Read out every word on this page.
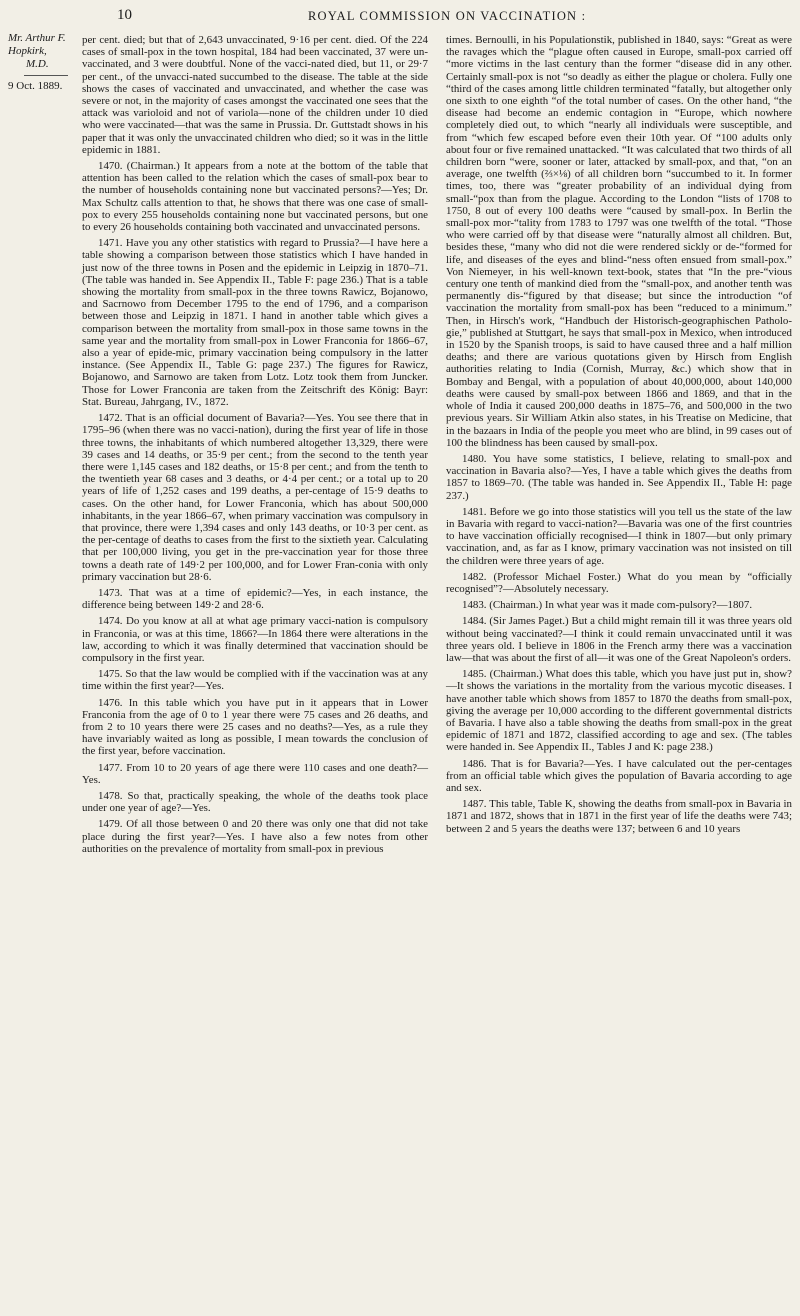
10	ROYAL COMMISSION ON VACCINATION :
Mr. Arthur F. Hopkirk,
M.D.
9 Oct. 1889.

per cent. died; but that of 2,643 unvaccinated, 9·16 per cent. died. Of the 224 cases of small-pox in the town hospital, 184 had been vaccinated, 37 were un-vaccinated, and 3 were doubtful. None of the vacci-nated died, but 11, or 29·7 per cent., of the unvacci-nated succumbed to the disease. The table at the side shows the cases of vaccinated and unvaccinated, and whether the case was severe or not, in the majority of cases amongst the vaccinated one sees that the attack was varioloid and not of variola—none of the children under 10 died who were vaccinated—that was the same in Prussia. Dr. Guttstadt shows in his paper that it was only the unvaccinated children who died; so it was in the little epidemic in 1881.

1470. (Chairman.) It appears from a note at the bottom of the table that attention has been called to the relation which the cases of small-pox bear to the number of households containing none but vaccinated persons?—Yes; Dr. Max Schultz calls attention to that, he shows that there was one case of small-pox to every 255 households containing none but vaccinated persons, but one to every 26 households containing both vaccinated and unvaccinated persons.

1471. Have you any other statistics with regard to Prussia?—I have here a table showing a comparison between those statistics which I have handed in just now of the three towns in Posen and the epidemic in Leipzig in 1870–71. (The table was handed in. See Appendix II., Table F: page 236.) That is a table showing the mortality from small-pox in the three towns Rawicz, Bojanowo, and Sacrnowo from December 1795 to the end of 1796, and a comparison between those and Leipzig in 1871. I hand in another table which gives a comparison between the mortality from small-pox in those same towns in the same year and the mortality from small-pox in Lower Franconia for 1866–67, also a year of epide-mic, primary vaccination being compulsory in the latter instance. (See Appendix II., Table G: page 237.) The figures for Rawicz, Bojanowo, and Sarnowo are taken from Lotz. Lotz took them from Juncker. Those for Lower Franconia are taken from the Zeitschrift des König: Bayr: Stat. Bureau, Jahrgang, IV., 1872.

1472. That is an official document of Bavaria?—Yes. You see there that in 1795–96 (when there was no vacci-nation), during the first year of life in those three towns, the inhabitants of which numbered altogether 13,329, there were 39 cases and 14 deaths, or 35·9 per cent.; from the second to the tenth year there were 1,145 cases and 182 deaths, or 15·8 per cent.; and from the tenth to the twentieth year 68 cases and 3 deaths, or 4·4 per cent.; or a total up to 20 years of life of 1,252 cases and 199 deaths, a per-centage of 15·9 deaths to cases. On the other hand, for Lower Franconia, which has about 500,000 inhabitants, in the year 1866–67, when primary vaccination was compulsory in that province, there were 1,394 cases and only 143 deaths, or 10·3 per cent. as the per-centage of deaths to cases from the first to the sixtieth year. Calculating that per 100,000 living, you get in the pre-vaccination year for those three towns a death rate of 149·2 per 100,000, and for Lower Fran-conia with only primary vaccination but 28·6.

1473. That was at a time of epidemic?—Yes, in each instance, the difference being between 149·2 and 28·6.

1474. Do you know at all at what age primary vacci-nation is compulsory in Franconia, or was at this time, 1866?—In 1864 there were alterations in the law, according to which it was finally determined that vaccination should be compulsory in the first year.

1475. So that the law would be complied with if the vaccination was at any time within the first year?—Yes.

1476. In this table which you have put in it appears that in Lower Franconia from the age of 0 to 1 year there were 75 cases and 26 deaths, and from 2 to 10 years there were 25 cases and no deaths?—Yes, as a rule they have invariably waited as long as possible, I mean towards the conclusion of the first year, before vaccination.

1477. From 10 to 20 years of age there were 110 cases and one death?—Yes.

1478. So that, practically speaking, the whole of the deaths took place under one year of age?—Yes.

1479. Of all those between 0 and 20 there was only one that did not take place during the first year?—Yes. I have also a few notes from other authorities on the prevalence of mortality from small-pox in previous

times. Bernoulli, in his Populationstik, published in 1840, says: “Great as were the ravages which the “plague often caused in Europe, small-pox carried off “more victims in the last century than the former “disease did in any other. Certainly small-pox is not “so deadly as either the plague or cholera. Fully one “third of the cases among little children terminated “fatally, but altogether only one sixth to one eighth “of the total number of cases. On the other hand, “the disease had become an endemic contagion in “Europe, which nowhere completely died out, to which “nearly all individuals were susceptible, and from “which few escaped before even their 10th year. Of “100 adults only about four or five remained unattacked. “It was calculated that two thirds of all children born “were, sooner or later, attacked by small-pox, and that, “on an average, one twelfth (⅔×⅛) of all children born “succumbed to it. In former times, too, there was “greater probability of an individual dying from small-“pox than from the plague. According to the London “lists of 1708 to 1750, 8 out of every 100 deaths were “caused by small-pox. In Berlin the small-pox mor-“tality from 1783 to 1797 was one twelfth of the total. “Those who were carried off by that disease were “naturally almost all children. But, besides these, “many who did not die were rendered sickly or de-“formed for life, and diseases of the eyes and blind-“ness often ensued from small-pox.” Von Niemeyer, in his well-known text-book, states that “In the pre-“vious century one tenth of mankind died from the “small-pox, and another tenth was permanently dis-“figured by that disease; but since the introduction “of vaccination the mortality from small-pox has been “reduced to a minimum.” Then, in Hirsch's work, “Handbuch der Historisch-geographischen Patholo-gie,” published at Stuttgart, he says that small-pox in Mexico, when introduced in 1520 by the Spanish troops, is said to have caused three and a half million deaths; and there are various quotations given by Hirsch from English authorities relating to India (Cornish, Murray, &c.) which show that in Bombay and Bengal, with a population of about 40,000,000, about 140,000 deaths were caused by small-pox between 1866 and 1869, and that in the whole of India it caused 200,000 deaths in 1875–76, and 500,000 in the two previous years. Sir William Atkin also states, in his Treatise on Medicine, that in the bazaars in India of the people you meet who are blind, in 99 cases out of 100 the blindness has been caused by small-pox.

1480. You have some statistics, I believe, relating to small-pox and vaccination in Bavaria also?—Yes, I have a table which gives the deaths from 1857 to 1869–70. (The table was handed in. See Appendix II., Table H: page 237.)

1481. Before we go into those statistics will you tell us the state of the law in Bavaria with regard to vacci-nation?—Bavaria was one of the first countries to have vaccination officially recognised—I think in 1807—but only primary vaccination, and, as far as I know, primary vaccination was not insisted on till the children were three years of age.

1482. (Professor Michael Foster.) What do you mean by “officially recognised”?—Absolutely necessary.

1483. (Chairman.) In what year was it made com-pulsory?—1807.

1484. (Sir James Paget.) But a child might remain till it was three years old without being vaccinated?—I think it could remain unvaccinated until it was three years old. I believe in 1806 in the French army there was a vaccination law—that was about the first of all—it was one of the Great Napoleon's orders.

1485. (Chairman.) What does this table, which you have just put in, show?—It shows the variations in the mortality from the various mycotic diseases. I have another table which shows from 1857 to 1870 the deaths from small-pox, giving the average per 10,000 according to the different governmental districts of Bavaria. I have also a table showing the deaths from small-pox in the great epidemic of 1871 and 1872, classified according to age and sex. (The tables were handed in. See Appendix II., Tables J and K: page 238.)

1486. That is for Bavaria?—Yes. I have calculated out the per-centages from an official table which gives the population of Bavaria according to age and sex.

1487. This table, Table K, showing the deaths from small-pox in Bavaria in 1871 and 1872, shows that in 1871 in the first year of life the deaths were 743; between 2 and 5 years the deaths were 137; between 6 and 10 years
